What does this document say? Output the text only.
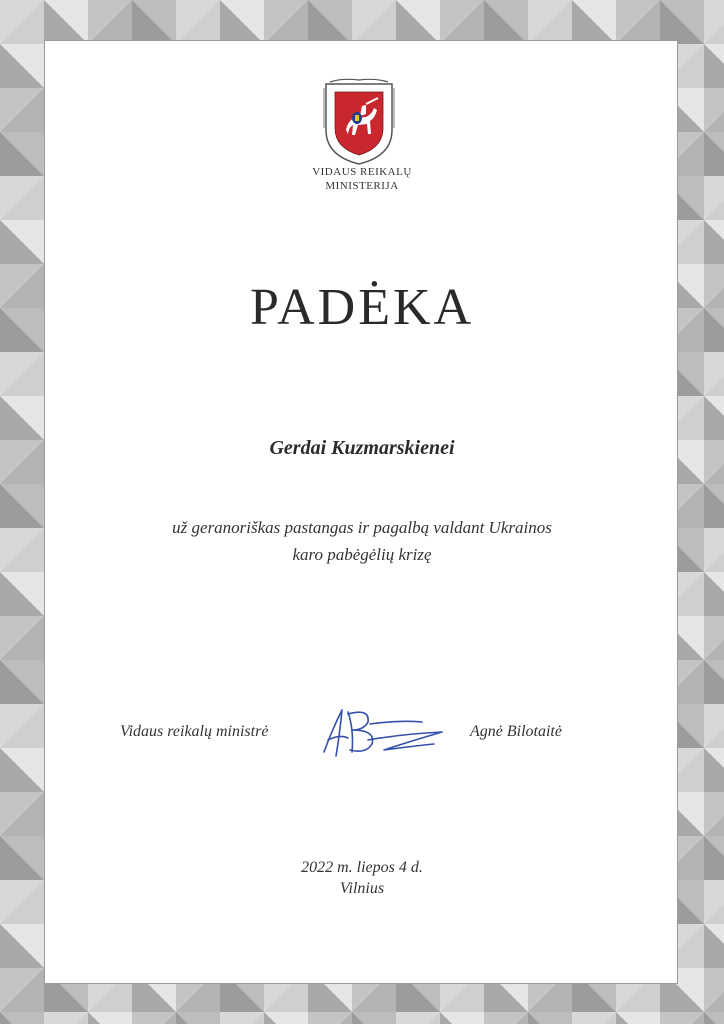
VIDAUS REIKALŲ
MINISTERIJA
PADĖKA
Gerdai Kuzmarskienei
už geranoriškas pastangas ir pagalbą valdant Ukrainos
karo pabėgėlių krizę
Vidaus reikalų ministrė	Agnė Bilotaitė
2022 m. liepos 4 d.
Vilnius
